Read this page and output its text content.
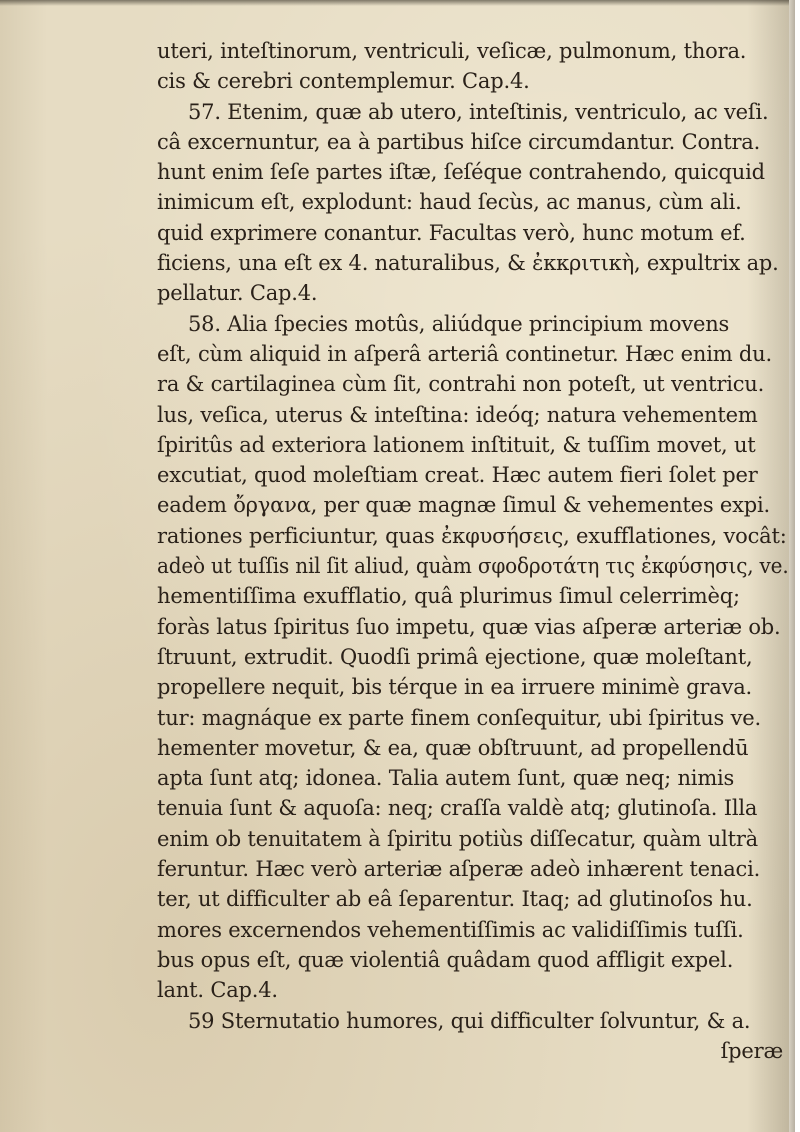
uteri, inteſtinorum, ventriculi, veſicæ, pulmonum, thora.
cis & cerebri contemplemur. Cap.4.
57. Etenim, quæ ab utero, inteſtinis, ventriculo, ac veſi.
câ excernuntur, ea à partibus hiſce circumdantur. Contra.
hunt enim ſeſe partes iſtæ, ſeſéque contrahendo, quicquid
inimicum eſt, explodunt: haud ſecùs, ac manus, cùm ali.
quid exprimere conantur. Facultas verò, hunc motum ef.
ficiens, una eſt ex 4. naturalibus, & ἐκκριτικὴ, expultrix ap.
pellatur. Cap.4.
58. Alia ſpecies motûs, aliúdque principium movens
eſt, cùm aliquid in aſperâ arteriâ continetur. Hæc enim du.
ra & cartilaginea cùm ſit, contrahi non poteſt, ut ventricu.
lus, veſica, uterus & inteſtina: ideóq; natura vehementem
ſpiritûs ad exteriora lationem inſtituit, & tuſſim movet, ut
excutiat, quod moleſtiam creat. Hæc autem fieri ſolet per
eadem ὄργανα, per quæ magnæ ſimul & vehementes expi.
rationes perficiuntur, quas ἐκφυσήσεις, exufflationes, vocât:
adeò ut tuſſis nil ſit aliud, quàm σφοδροτάτη τις ἐκφύσησις, ve.
hementiſſima exufflatio, quâ plurimus ſimul celerrimèq;
foràs latus ſpiritus ſuo impetu, quæ vias aſperæ arteriæ ob.
ſtruunt, extrudit. Quodſi primâ ejectione, quæ moleſtant,
propellere nequit, bis térque in ea irruere minimè grava.
tur: magnáque ex parte finem conſequitur, ubi ſpiritus ve.
hementer movetur, & ea, quæ obſtruunt, ad propellendū
apta ſunt atq; idonea. Talia autem ſunt, quæ neq; nimis
tenuia ſunt & aquoſa: neq; craſſa valdè atq; glutinoſa. Illa
enim ob tenuitatem à ſpiritu potiùs diſſecatur, quàm ultrà
feruntur. Hæc verò arteriæ aſperæ adeò inhærent tenaci.
ter, ut difficulter ab eâ ſeparentur. Itaq; ad glutinoſos hu.
mores excernendos vehementiſſimis ac validiſſimis tuſſi.
bus opus eſt, quæ violentiâ quâdam quod affligit expel.
lant. Cap.4.
59 Sternutatio humores, qui difficulter ſolvuntur, & a.
ſperæ
